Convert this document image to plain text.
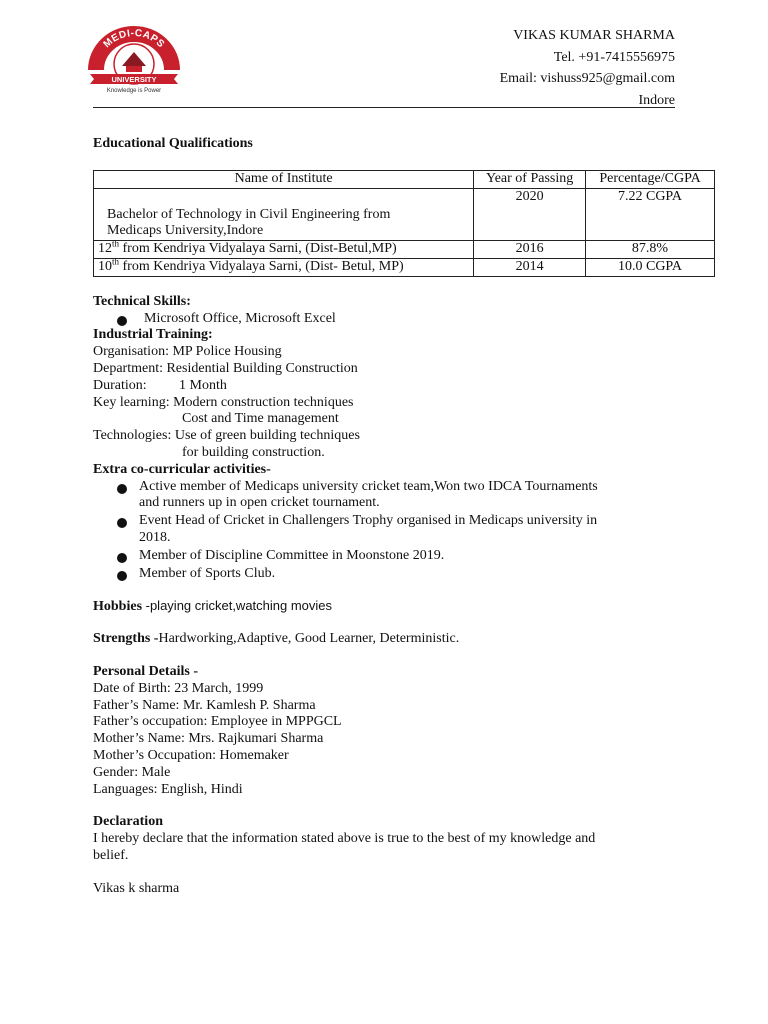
MEDI-CAPS
UNIVERSITY
Knowledge is Power
VIKAS KUMAR SHARMA
Tel. +91-7415556975
Email: vishuss925@gmail.com
Indore
Educational Qualifications
Name of Institute	Year of Passing	Percentage/CGPA

Bachelor of Technology in Civil Engineering from
Medicaps University,Indore	2020	7.22 CGPA
12th from Kendriya Vidyalaya Sarni, (Dist-Betul,MP)	2016	87.8%
10th from Kendriya Vidyalaya Sarni, (Dist- Betul, MP)	2014	10.0 CGPA
Technical Skills:
Microsoft Office, Microsoft Excel
Industrial Training:
Organisation: MP Police Housing
Department: Residential Building Construction
Duration: 1 Month
Key learning: Modern construction techniques
Cost and Time management
Technologies: Use of green building techniques
for building construction.
Extra co-curricular activities-
Active member of Medicaps university cricket team,Won two IDCA Tournaments
and runners up in open cricket tournament.
Event Head of Cricket in Challengers Trophy organised in Medicaps university in
2018.
Member of Discipline Committee in Moonstone 2019.
Member of Sports Club.
Hobbies -playing cricket,watching movies
Strengths -Hardworking,Adaptive, Good Learner, Deterministic.
Personal Details -
Date of Birth: 23 March, 1999
Father’s Name: Mr. Kamlesh P. Sharma
Father’s occupation: Employee in MPPGCL
Mother’s Name: Mrs. Rajkumari Sharma
Mother’s Occupation: Homemaker
Gender: Male
Languages: English, Hindi
Declaration
I hereby declare that the information stated above is true to the best of my knowledge and
belief.
Vikas k sharma
